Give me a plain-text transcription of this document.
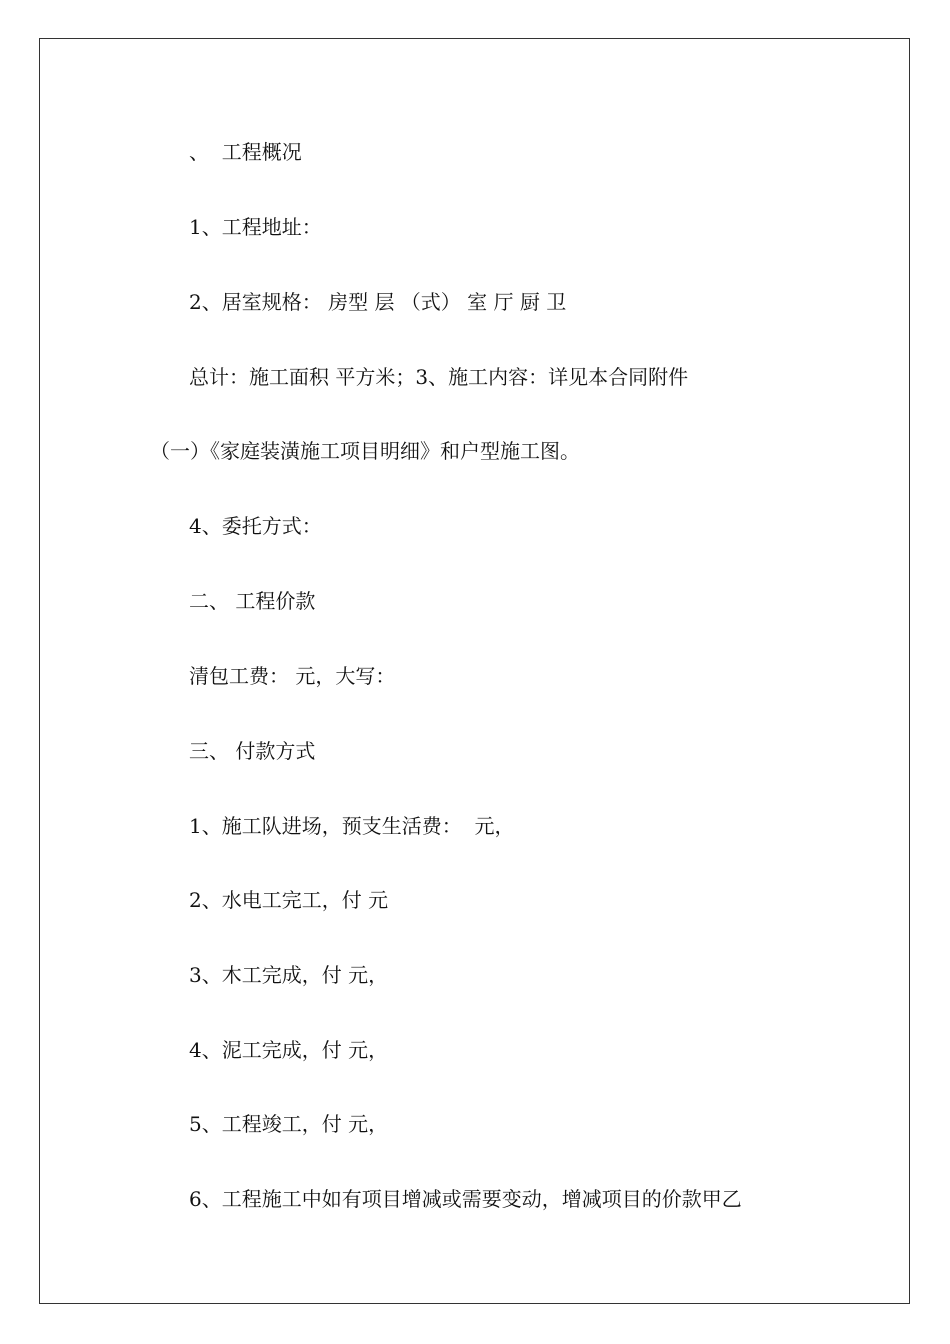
、  工程概况
1、工程地址：
2、居室规格： 房型 层 （式） 室 厅 厨 卫
总计：施工面积 平方米；3、施工内容：详见本合同附件
（一）《家庭装潢施工项目明细》和户型施工图。
4、委托方式：
二、 工程价款
清包工费： 元，大写：
三、 付款方式
1、施工队进场，预支生活费：  元，
2、水电工完工，付 元
3、木工完成，付 元，
4、泥工完成，付 元，
5、工程竣工，付 元，
6、工程施工中如有项目增减或需要变动，增减项目的价款甲乙
